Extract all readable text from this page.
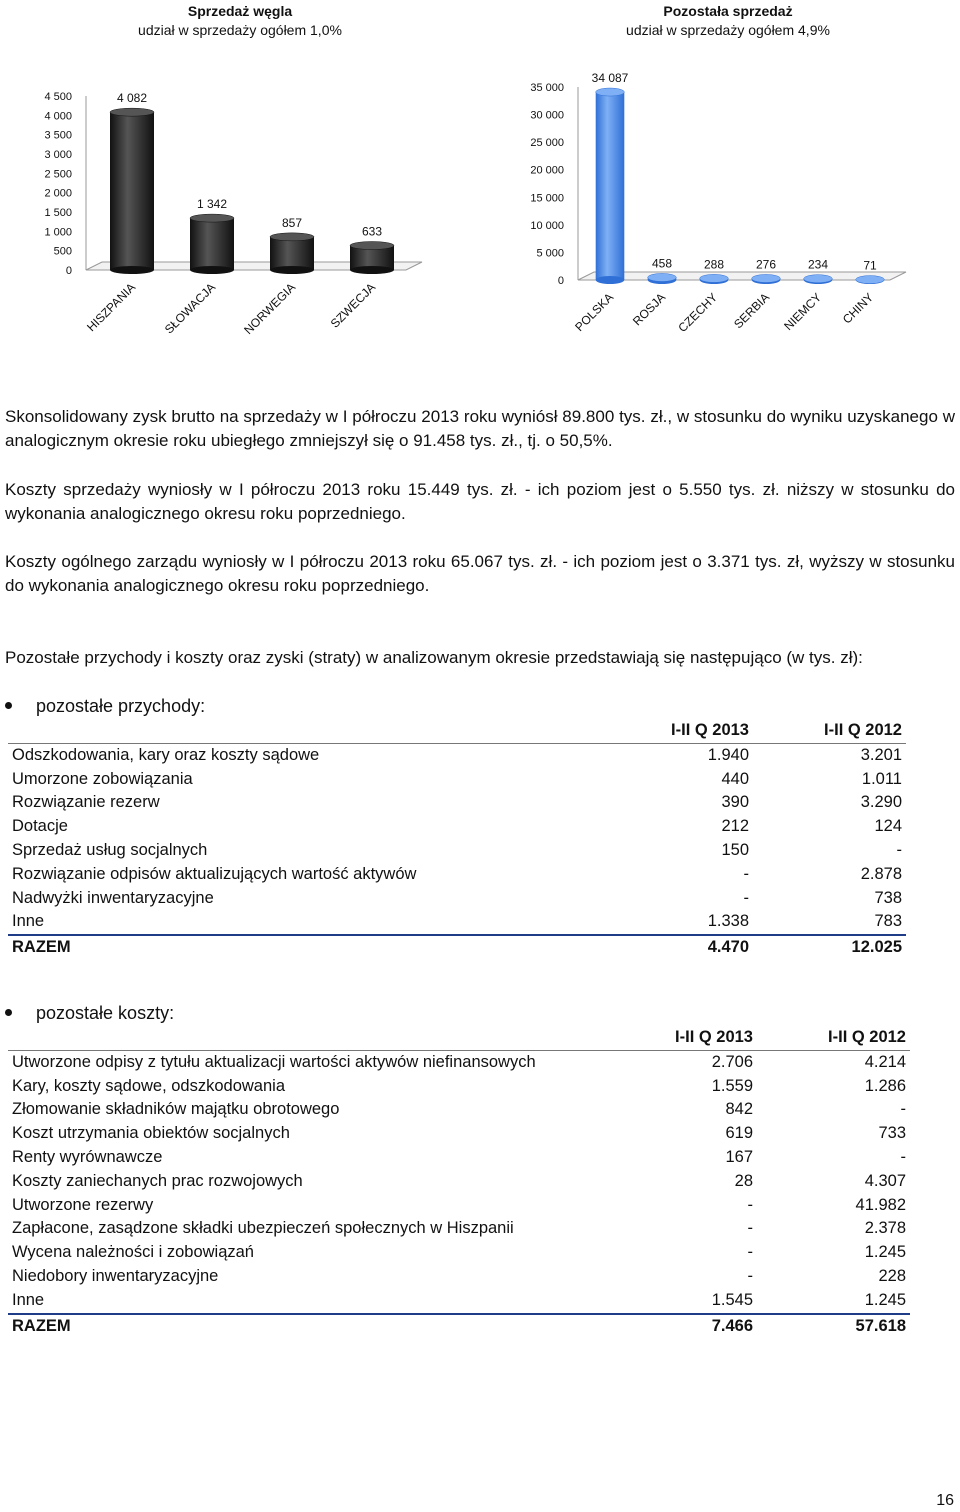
Sprzedaż węgla
udział w sprzedaży ogółem 1,0%
Pozostała sprzedaż
udział w sprzedaży ogółem 4,9%
0
500
1 000
1 500
2 000
2 500
3 000
3 500
4 000
4 500	4 082
HISZPANIA
1 342
SŁOWACJA
857
NORWEGIA
633
SZWECJA	0
5 000
10 000
15 000
20 000
25 000
30 000
35 000
34 087
POLSKA
458
ROSJA
288
CZECHY
276
SERBIA
234
NIEMCY
71
CHINY
Skonsolidowany zysk brutto na sprzedaży w I półroczu 2013 roku wyniósł 89.800 tys. zł., w stosunku do wyniku uzyskanego w analogicznym okresie roku ubiegłego zmniejszył się o 91.458 tys. zł., tj. o 50,5%.
Koszty sprzedaży wyniosły w I półroczu 2013 roku 15.449 tys. zł. - ich poziom jest o 5.550 tys. zł. niższy w stosunku do wykonania analogicznego okresu roku poprzedniego.
Koszty ogólnego zarządu wyniosły w I półroczu 2013 roku 65.067 tys. zł. - ich poziom jest o 3.371 tys. zł, wyższy w stosunku do wykonania analogicznego okresu roku poprzedniego.
Pozostałe przychody i koszty oraz zyski (straty) w analizowanym okresie przedstawiają się następująco (w tys. zł):
pozostałe przychody:
	I-II Q 2013	I-II Q 2012
Odszkodowania, kary oraz koszty sądowe	1.940	3.201
Umorzone zobowiązania	440	1.011
Rozwiązanie rezerw	390	3.290
Dotacje	212	124
Sprzedaż usług socjalnych	150	-
Rozwiązanie odpisów aktualizujących wartość aktywów	-	2.878
Nadwyżki inwentaryzacyjne	-	738
Inne	1.338	783
RAZEM	4.470	12.025
pozostałe koszty:
	I-II Q 2013	I-II Q 2012
Utworzone odpisy z tytułu aktualizacji wartości aktywów niefinansowych	2.706	4.214
Kary, koszty sądowe, odszkodowania	1.559	1.286
Złomowanie składników majątku obrotowego	842	-
Koszt utrzymania obiektów socjalnych	619	733
Renty wyrównawcze	167	-
Koszty zaniechanych prac rozwojowych	28	4.307
Utworzone rezerwy	-	41.982
Zapłacone, zasądzone składki ubezpieczeń społecznych w Hiszpanii	-	2.378
Wycena należności i zobowiązań	-	1.245
Niedobory inwentaryzacyjne	-	228
Inne	1.545	1.245
RAZEM	7.466	57.618
16
